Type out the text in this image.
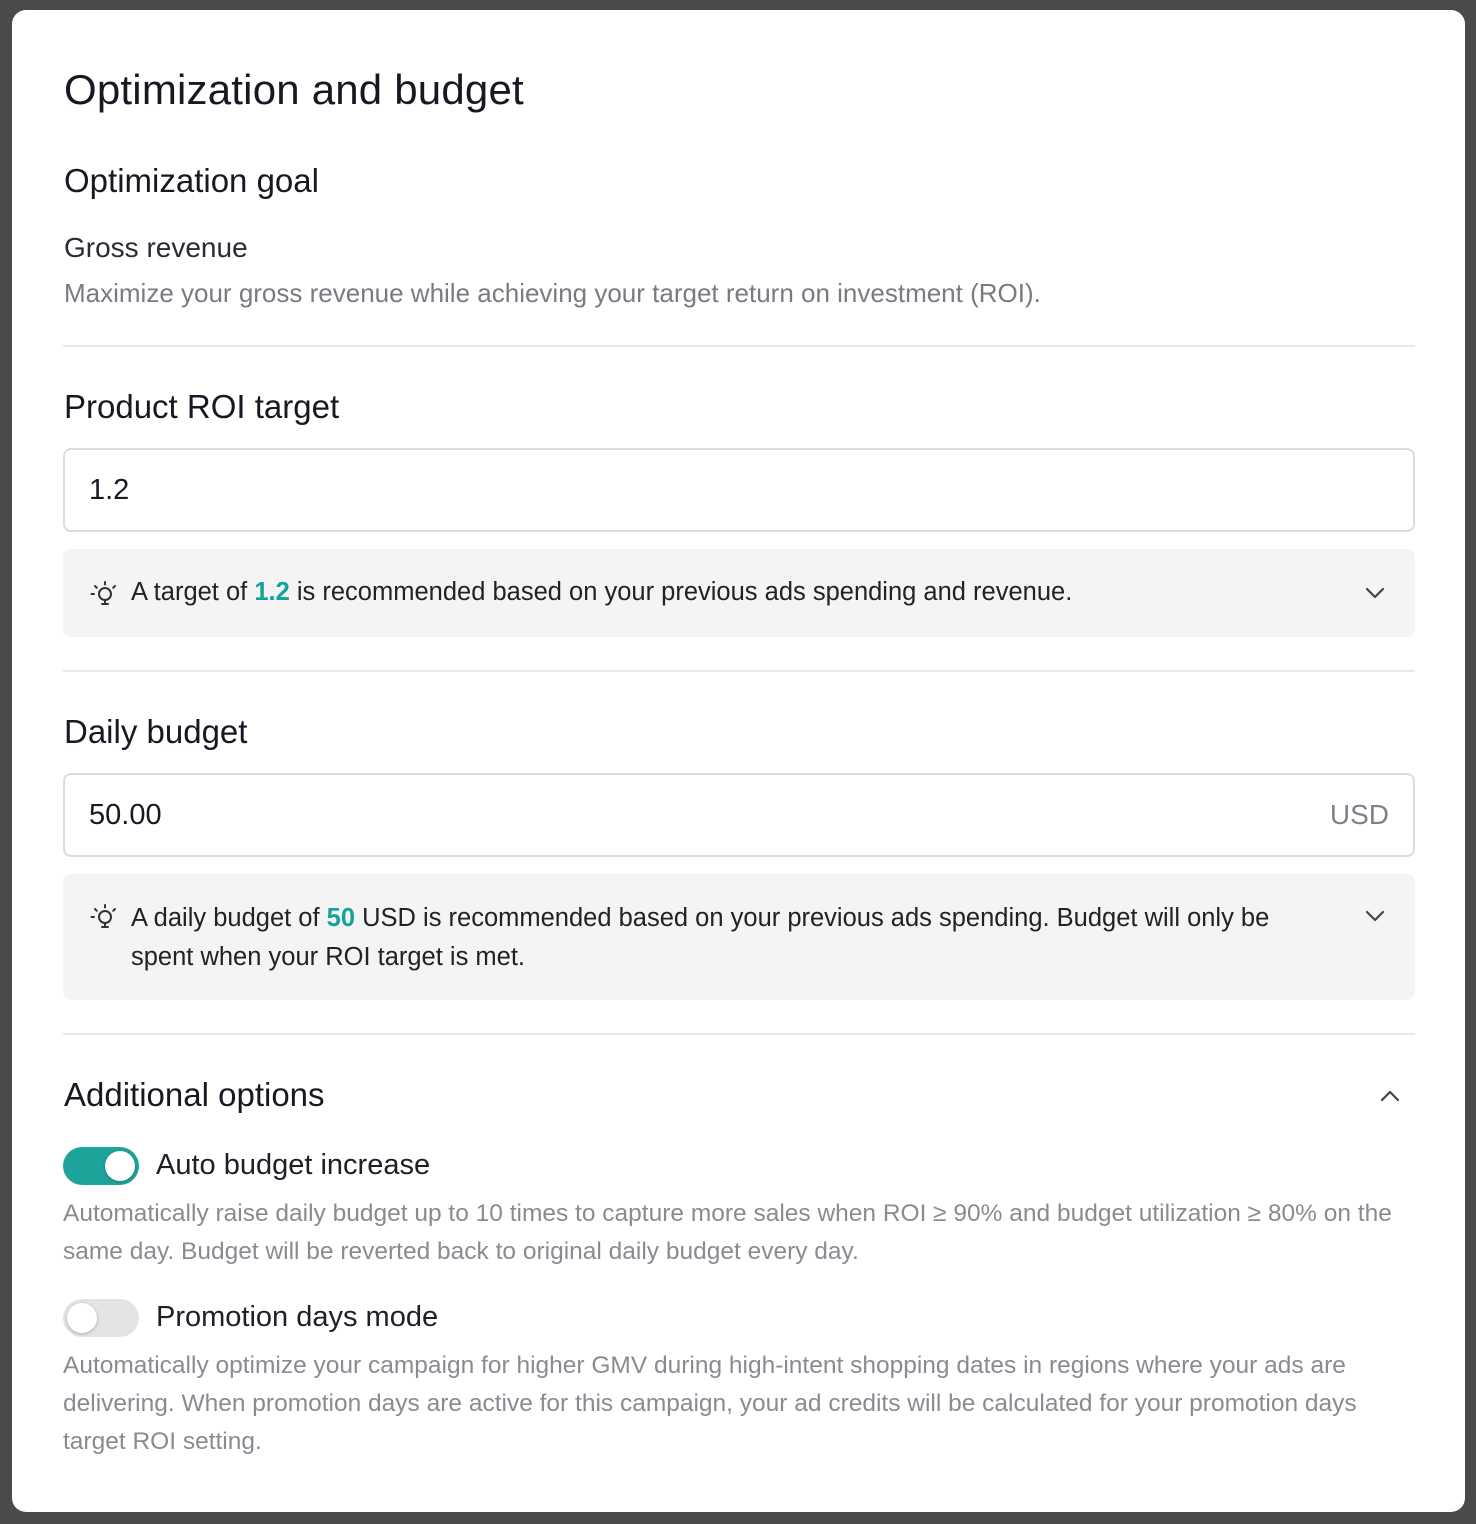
Optimization and budget
Optimization goal
Gross revenue
Maximize your gross revenue while achieving your target return on investment (ROI).
Product ROI target
1.2
A target of 1.2 is recommended based on your previous ads spending and revenue.
Daily budget
50.00	USD
A daily budget of 50 USD is recommended based on your previous ads spending. Budget will only be spent when your ROI target is met.
Additional options
Auto budget increase
Automatically raise daily budget up to 10 times to capture more sales when ROI ≥ 90% and budget utilization ≥ 80% on the same day. Budget will be reverted back to original daily budget every day.
Promotion days mode
Automatically optimize your campaign for higher GMV during high-intent shopping dates in regions where your ads are delivering. When promotion days are active for this campaign, your ad credits will be calculated for your promotion days target ROI setting.
